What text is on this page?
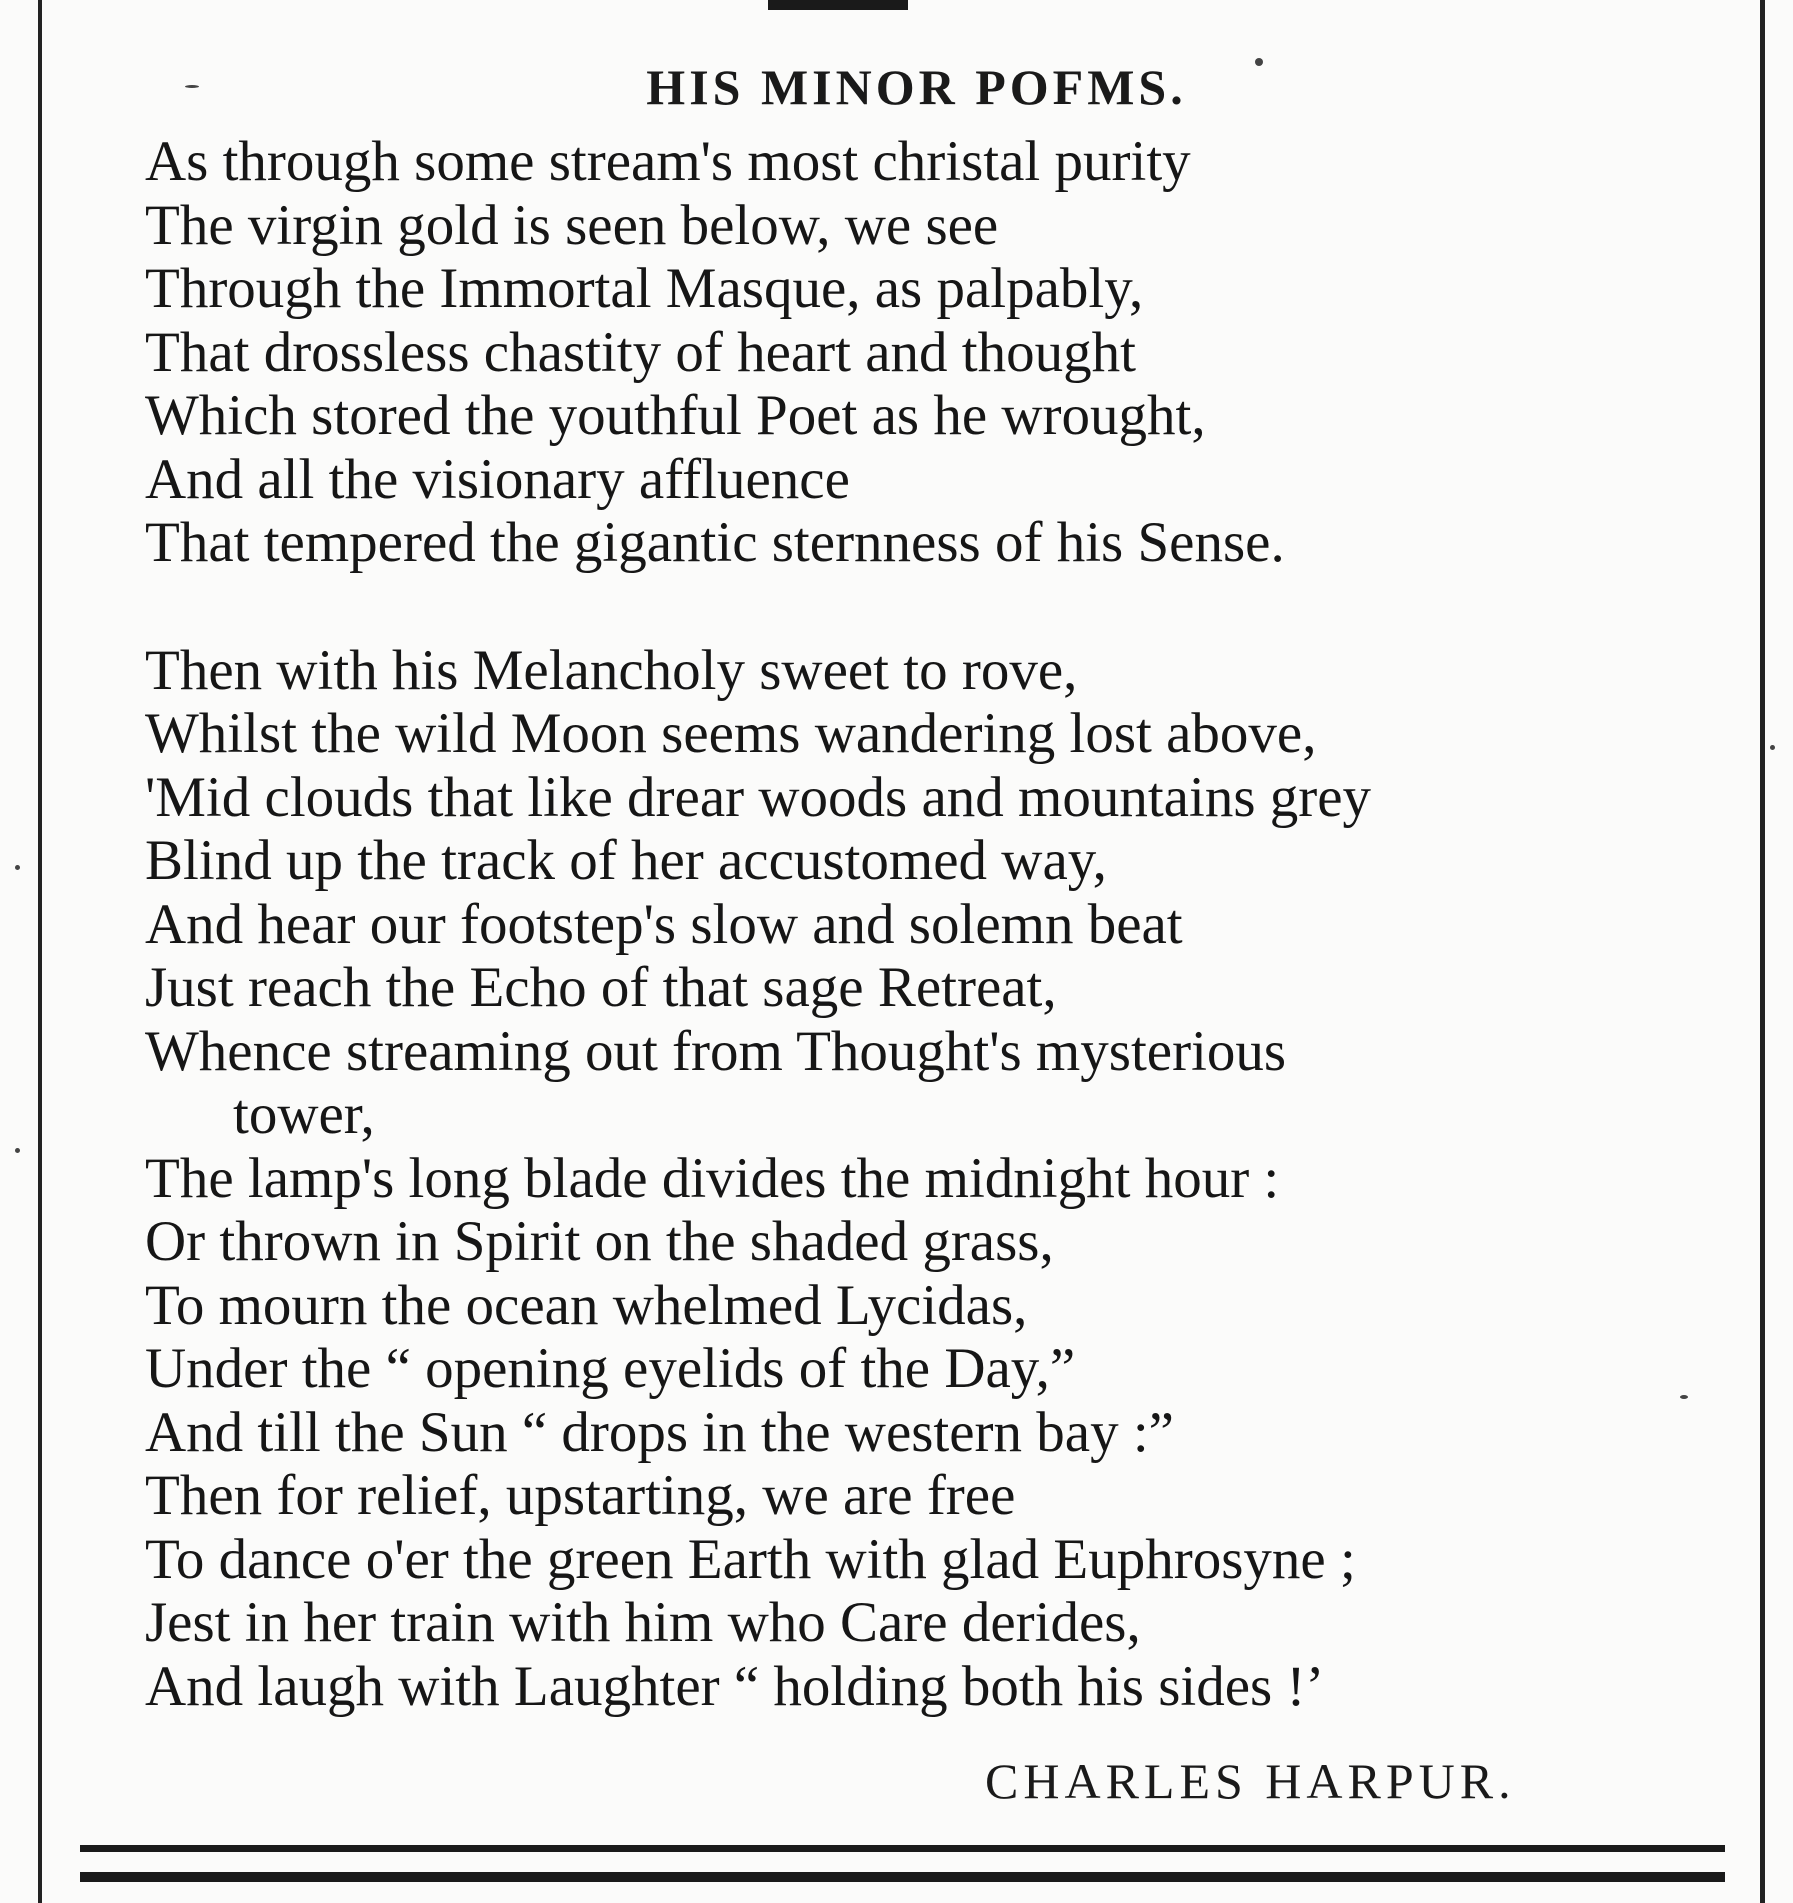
HIS MINOR POFMS.
As through some stream's most christal purity
The virgin gold is seen below, we see
Through the Immortal Masque, as palpably,
That drossless chastity of heart and thought
Which stored the youthful Poet as he wrought,
And all the visionary affluence
That tempered the gigantic sternness of his Sense.
Then with his Melancholy sweet to rove,
Whilst the wild Moon seems wandering lost above,
'Mid clouds that like drear woods and mountains grey
Blind up the track of her accustomed way,
And hear our footstep's slow and solemn beat
Just reach the Echo of that sage Retreat,
Whence streaming out from Thought's mysterious
tower,
The lamp's long blade divides the midnight hour :
Or thrown in Spirit on the shaded grass,
To mourn the ocean whelmed Lycidas,
Under the “ opening eyelids of the Day,”
And till the Sun “ drops in the western bay :”
Then for relief, upstarting, we are free
To dance o'er the green Earth with glad Euphrosyne ;
Jest in her train with him who Care derides,
And laugh with Laughter “ holding both his sides !’
CHARLES HARPUR.
